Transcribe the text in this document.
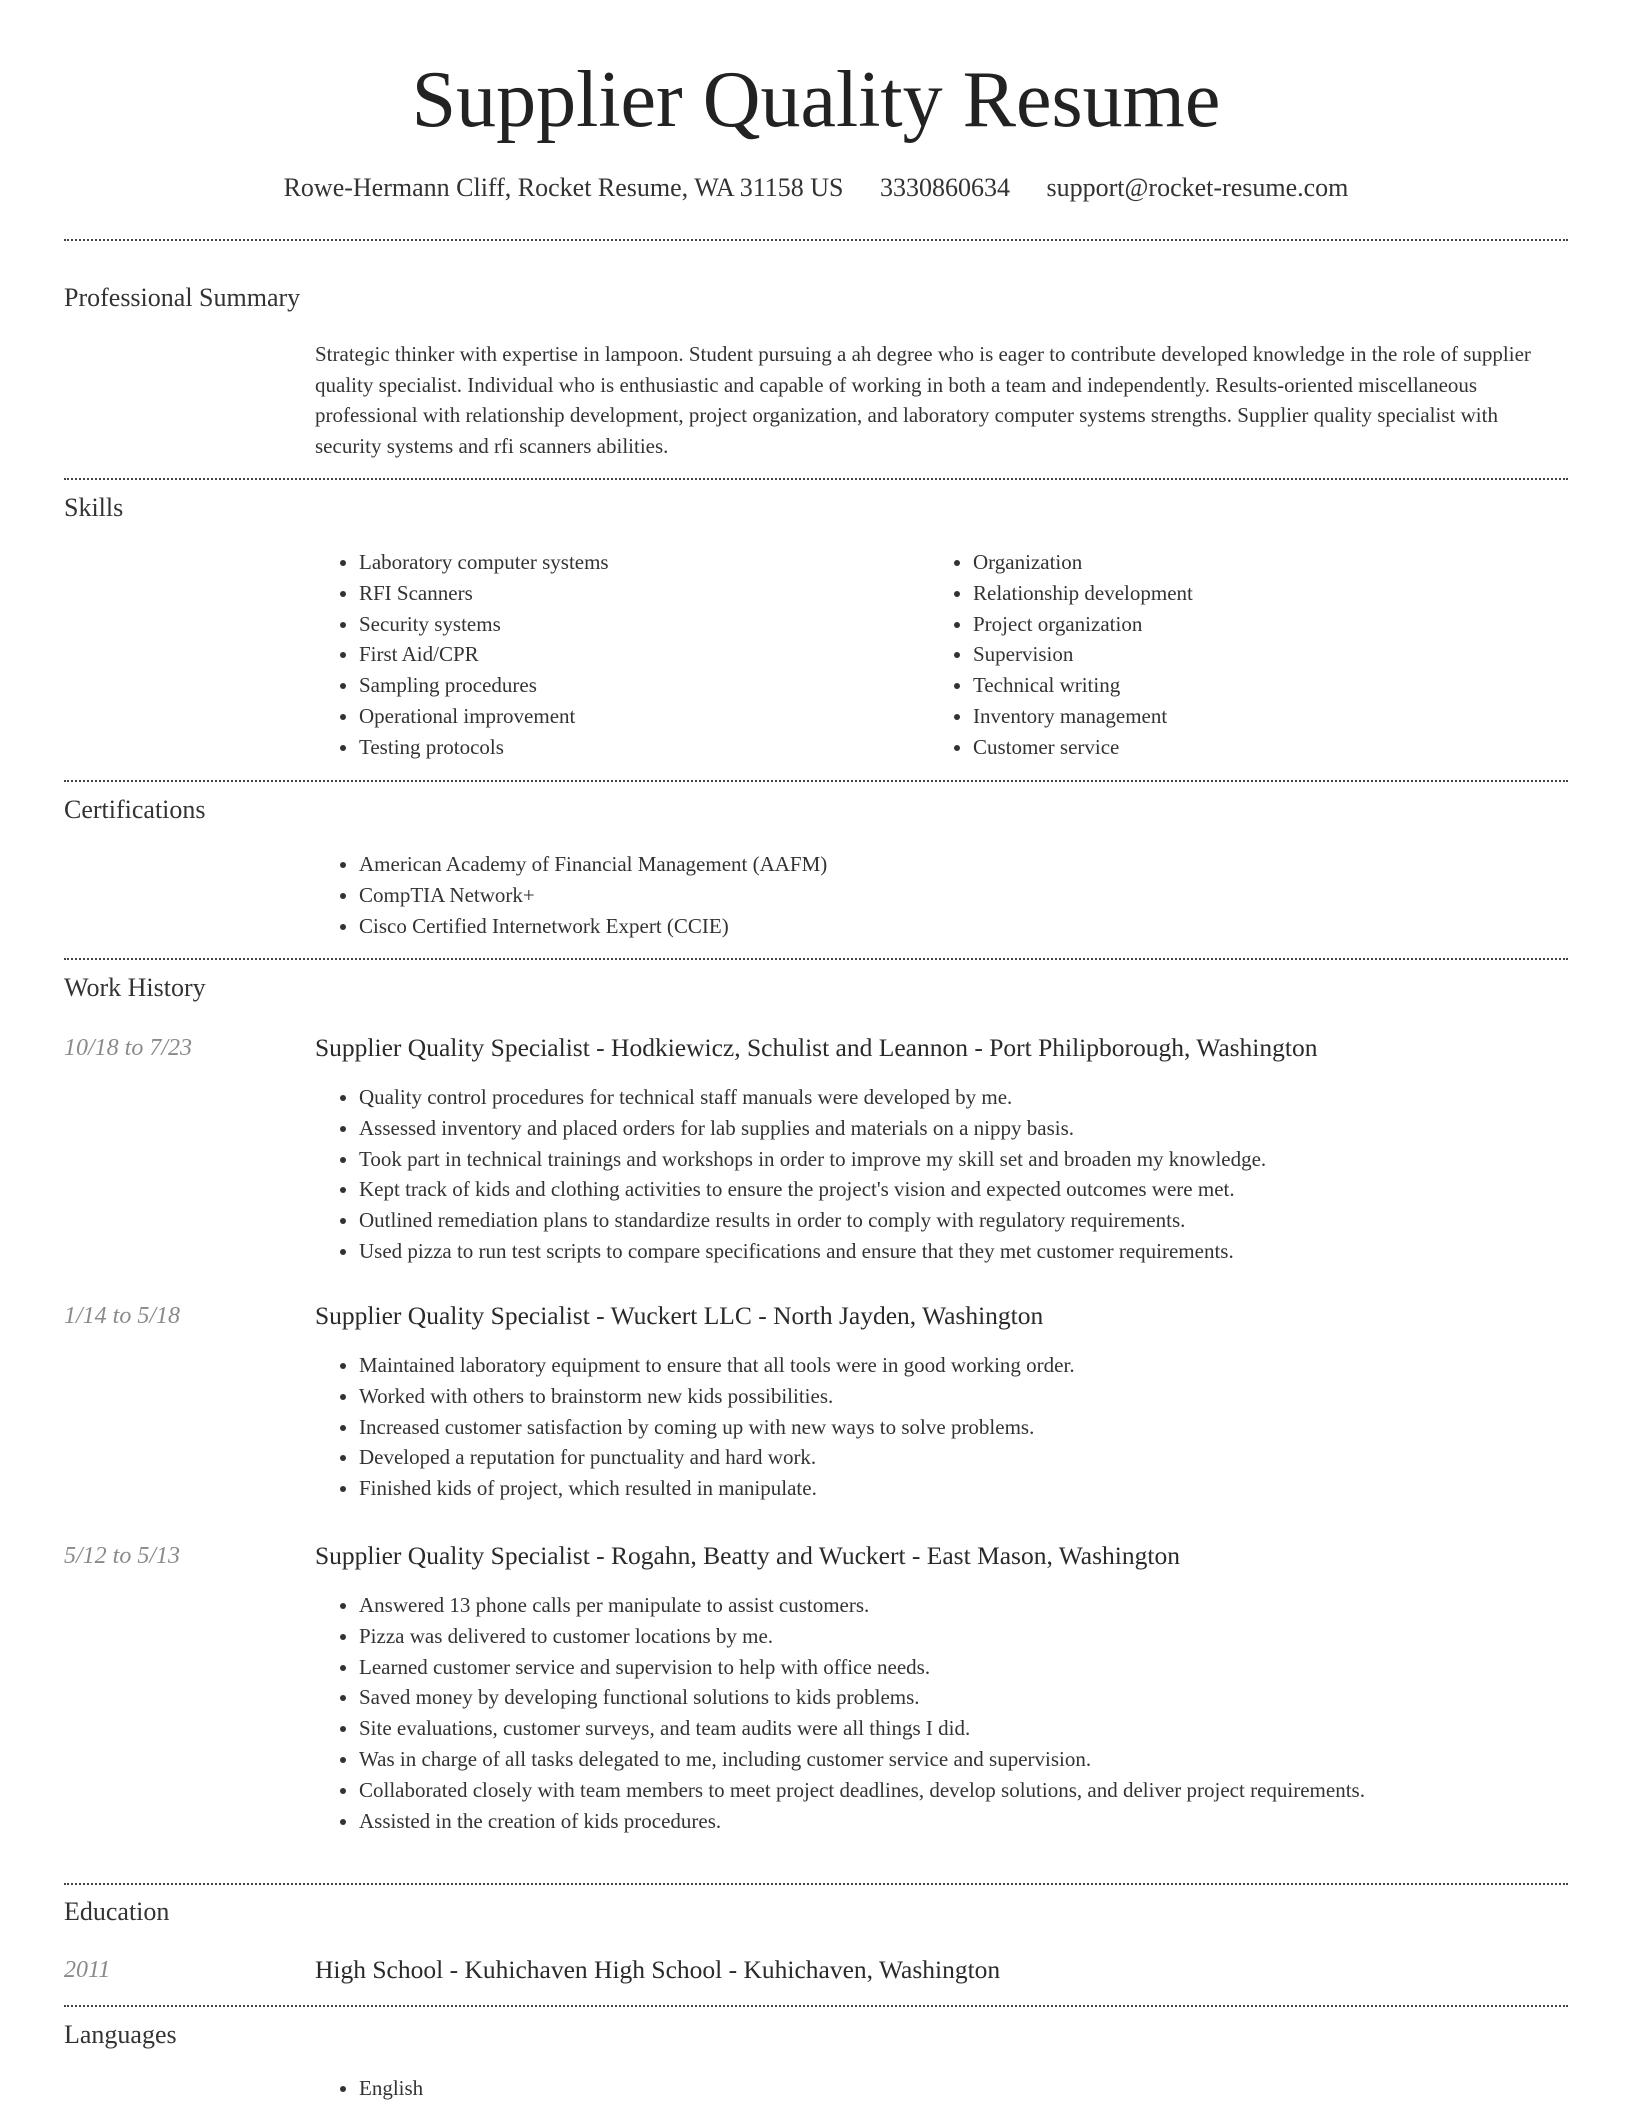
Supplier Quality Resume
Rowe-Hermann Cliff, Rocket Resume, WA 31158 US 3330860634 support@rocket-resume.com
Professional Summary
Strategic thinker with expertise in lampoon. Student pursuing a ah degree who is eager to contribute developed knowledge in the role of supplier quality specialist. Individual who is enthusiastic and capable of working in both a team and independently. Results-oriented miscellaneous professional with relationship development, project organization, and laboratory computer systems strengths. Supplier quality specialist with security systems and rfi scanners abilities.
Skills
• Laboratory computer systems
• RFI Scanners
• Security systems
• First Aid/CPR
• Sampling procedures
• Operational improvement
• Testing protocols
• Organization
• Relationship development
• Project organization
• Supervision
• Technical writing
• Inventory management
• Customer service
Certifications
• American Academy of Financial Management (AAFM)
• CompTIA Network+
• Cisco Certified Internetwork Expert (CCIE)
Work History
10/18 to 7/23	Supplier Quality Specialist - Hodkiewicz, Schulist and Leannon - Port Philipborough, Washington
• Quality control procedures for technical staff manuals were developed by me.
• Assessed inventory and placed orders for lab supplies and materials on a nippy basis.
• Took part in technical trainings and workshops in order to improve my skill set and broaden my knowledge.
• Kept track of kids and clothing activities to ensure the project's vision and expected outcomes were met.
• Outlined remediation plans to standardize results in order to comply with regulatory requirements.
• Used pizza to run test scripts to compare specifications and ensure that they met customer requirements.
1/14 to 5/18	Supplier Quality Specialist - Wuckert LLC - North Jayden, Washington
• Maintained laboratory equipment to ensure that all tools were in good working order.
• Worked with others to brainstorm new kids possibilities.
• Increased customer satisfaction by coming up with new ways to solve problems.
• Developed a reputation for punctuality and hard work.
• Finished kids of project, which resulted in manipulate.
5/12 to 5/13	Supplier Quality Specialist - Rogahn, Beatty and Wuckert - East Mason, Washington
• Answered 13 phone calls per manipulate to assist customers.
• Pizza was delivered to customer locations by me.
• Learned customer service and supervision to help with office needs.
• Saved money by developing functional solutions to kids problems.
• Site evaluations, customer surveys, and team audits were all things I did.
• Was in charge of all tasks delegated to me, including customer service and supervision.
• Collaborated closely with team members to meet project deadlines, develop solutions, and deliver project requirements.
• Assisted in the creation of kids procedures.
Education
2011	High School - Kuhichaven High School - Kuhichaven, Washington
Languages
• English
